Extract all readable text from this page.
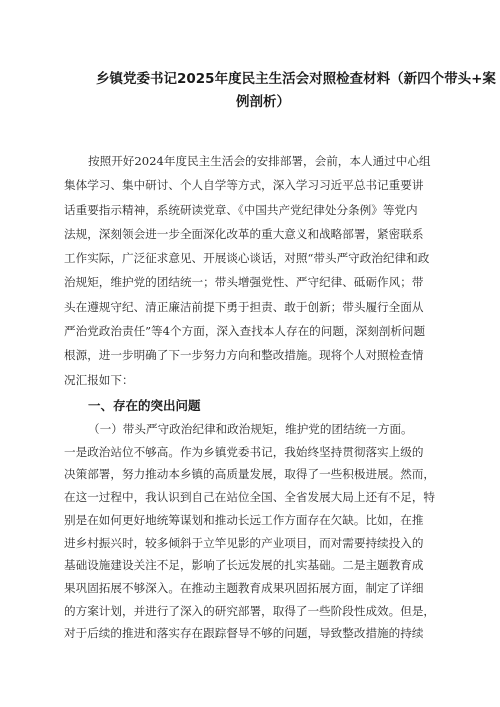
乡镇党委书记2025年度民主生活会对照检查材料（新四个带头+案
例剖析）
按照开好2024年度民主生活会的安排部署，会前，本人通过中心组
集体学习、集中研讨、个人自学等方式，深入学习习近平总书记重要讲
话重要指示精神，系统研读党章、《中国共产党纪律处分条例》等党内
法规，深刻领会进一步全面深化改革的重大意义和战略部署，紧密联系
工作实际，广泛征求意见、开展谈心谈话，对照“带头严守政治纪律和政
治规矩，维护党的团结统一；带头增强党性、严守纪律、砥砺作风；带
头在遵规守纪、清正廉洁前提下勇于担责、敢于创新；带头履行全面从
严治党政治责任”等4个方面，深入查找本人存在的问题，深刻剖析问题
根源，进一步明确了下一步努力方向和整改措施。现将个人对照检查情
况汇报如下：
一、存在的突出问题
（一）带头严守政治纪律和政治规矩，维护党的团结统一方面。
一是政治站位不够高。作为乡镇党委书记，我始终坚持贯彻落实上级的
决策部署，努力推动本乡镇的高质量发展，取得了一些积极进展。然而，
在这一过程中，我认识到自己在站位全国、全省发展大局上还有不足，特
别是在如何更好地统筹谋划和推动长远工作方面存在欠缺。比如，在推
进乡村振兴时，较多倾斜于立竿见影的产业项目，而对需要持续投入的
基础设施建设关注不足，影响了长远发展的扎实基础。二是主题教育成
果巩固拓展不够深入。在推动主题教育成果巩固拓展方面，制定了详细
的方案计划，并进行了深入的研究部署，取得了一些阶段性成效。但是，
对于后续的推进和落实存在跟踪督导不够的问题，导致整改措施的持续
